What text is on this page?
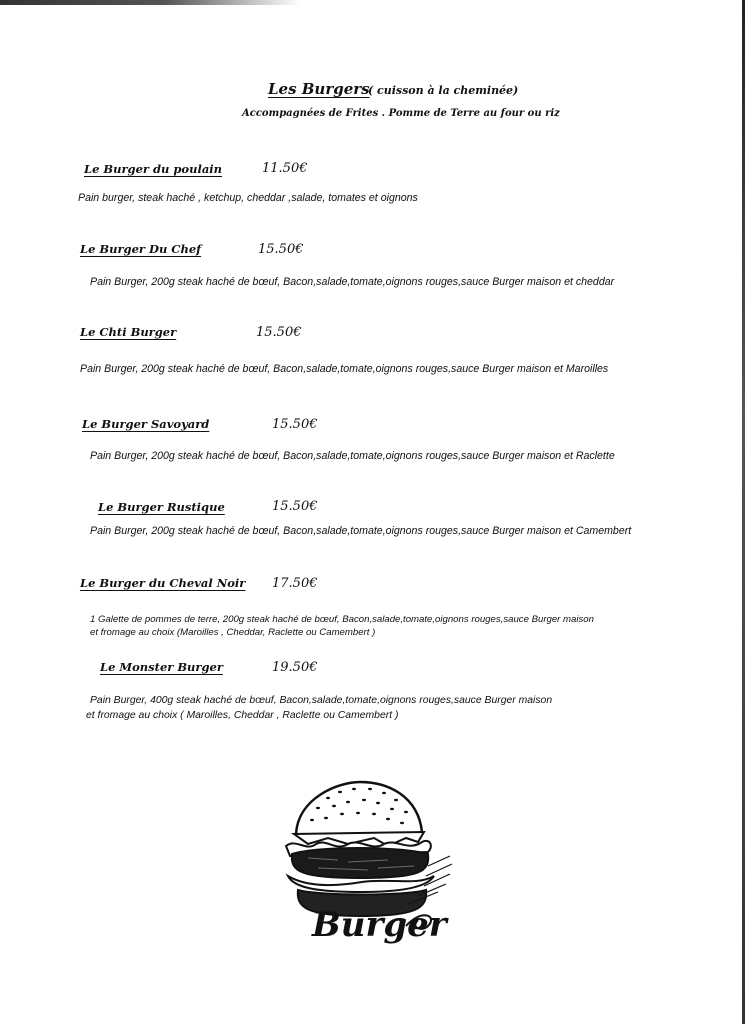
Les Burgers
( cuisson à la cheminée)
Accompagnées de Frites . Pomme de Terre au four ou riz
Le Burger du poulain	11.50€
Pain burger, steak haché , ketchup, cheddar ,salade, tomates et oignons
Le Burger Du Chef	15.50€
Pain Burger, 200g steak haché de bœuf, Bacon,salade,tomate,oignons rouges,sauce Burger maison et cheddar
Le Chti Burger	15.50€
Pain Burger, 200g steak haché de bœuf, Bacon,salade,tomate,oignons rouges,sauce Burger maison et Maroilles
Le Burger Savoyard	15.50€
Pain Burger, 200g steak haché de bœuf, Bacon,salade,tomate,oignons rouges,sauce Burger maison et Raclette
Le Burger Rustique	15.50€
Pain Burger, 200g steak haché de bœuf, Bacon,salade,tomate,oignons rouges,sauce Burger maison et Camembert
Le Burger du Cheval Noir 17.50€
1 Galette de pommes de terre, 200g steak haché de bœuf, Bacon,salade,tomate,oignons rouges,sauce Burger maison
et fromage au choix (Maroilles , Cheddar, Raclette ou Camembert )
Le Monster Burger	19.50€
Pain Burger, 400g steak haché de bœuf, Bacon,salade,tomate,oignons rouges,sauce Burger maison
et fromage au choix ( Maroilles, Cheddar , Raclette ou Camembert )
Burger
